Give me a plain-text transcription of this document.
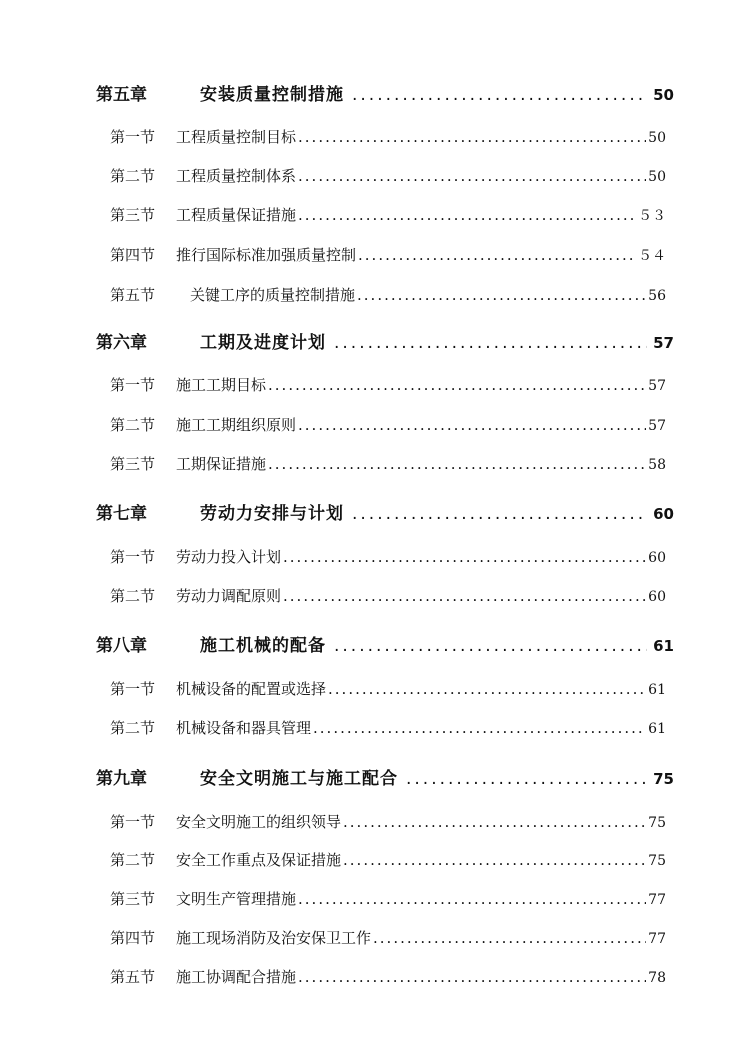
第五章	安装质量控制措施 .....	50
第一节	工程质量控制目标 .....	50
第二节	工程质量控制体系 .....	50
第三节	工程质量保证措施 .....	５３
第四节	推行国际标准加强质量控制 .....	５４
第五节	关键工序的质量控制措施 .....	56
第六章	工期及进度计划 .....	57
第一节	施工工期目标 .....	57
第二节	施工工期组织原则 .....	57
第三节	工期保证措施 .....	58
第七章	劳动力安排与计划 .....	60
第一节	劳动力投入计划 .....	60
第二节	劳动力调配原则 .....	60
第八章	施工机械的配备 .....	61
第一节	机械设备的配置或选择 .....	61
第二节	机械设备和器具管理 .....	61
第九章	安全文明施工与施工配合 .....	75
第一节	安全文明施工的组织领导 .....	75
第二节	安全工作重点及保证措施 .....	75
第三节	文明生产管理措施 .....	77
第四节	施工现场消防及治安保卫工作 .....	77
第五节	施工协调配合措施 .....	78
